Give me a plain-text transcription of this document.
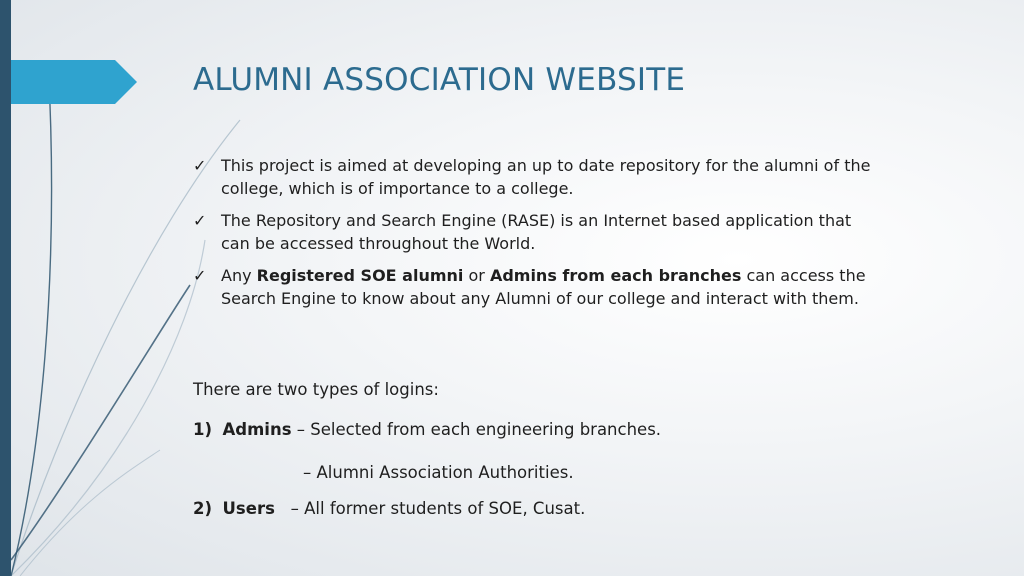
ALUMNI ASSOCIATION WEBSITE
✓ This project is aimed at developing an up to date repository for the alumni of the college, which is of importance to a college.
✓ The Repository and Search Engine (RASE) is an Internet based application that can be accessed throughout the World.
✓ Any Registered SOE alumni or Admins from each branches can access the Search Engine to know about any Alumni of our college and interact with them.
There are two types of logins:
1) Admins – Selected from each engineering branches.
– Alumni Association Authorities.
2) Users   – All former students of SOE, Cusat.
